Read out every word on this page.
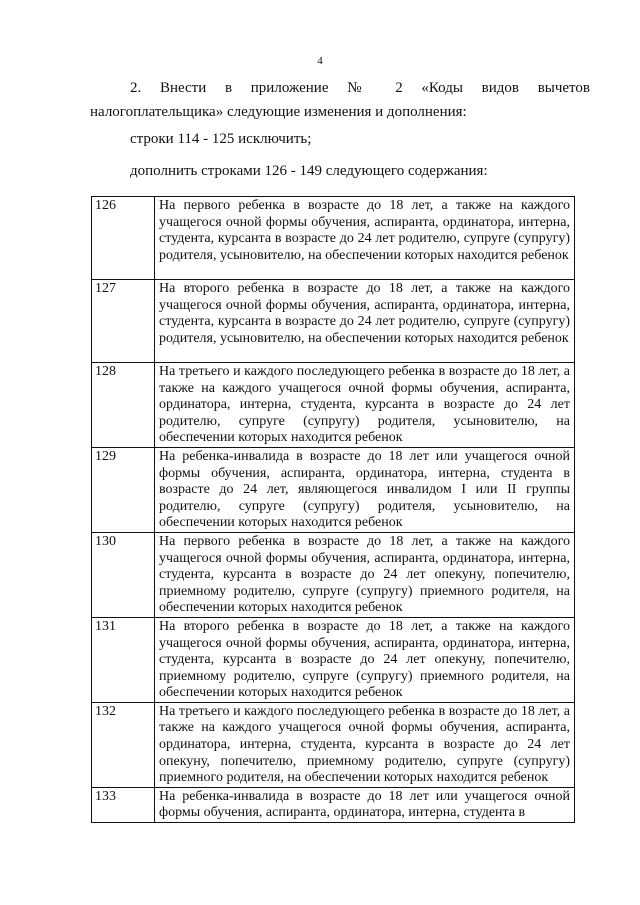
4
2. Внести в приложение № 2 «Коды видов вычетов налогоплательщика» следующие изменения и дополнения:
строки 114 - 125 исключить;
дополнить строками 126 - 149 следующего содержания:
126	На первого ребенка в возрасте до 18 лет, а также на каждого учащегося очной формы обучения, аспиранта, ординатора, интерна, студента, курсанта в возрасте до 24 лет родителю, супруге (супругу) родителя, усыновителю, на обеспечении которых находится ребенок

127	На второго ребенка в возрасте до 18 лет, а также на каждого учащегося очной формы обучения, аспиранта, ординатора, интерна, студента, курсанта в возрасте до 24 лет родителю, супруге (супругу) родителя, усыновителю, на обеспечении которых находится ребенок

128	На третьего и каждого последующего ребенка в возрасте до 18 лет, а также на каждого учащегося очной формы обучения, аспиранта, ординатора, интерна, студента, курсанта в возрасте до 24 лет родителю, супруге (супругу) родителя, усыновителю, на обеспечении которых находится ребенок

129	На ребенка-инвалида в возрасте до 18 лет или учащегося очной формы обучения, аспиранта, ординатора, интерна, студента в возрасте до 24 лет, являющегося инвалидом I или II группы родителю, супруге (супругу) родителя, усыновителю, на обеспечении которых находится ребенок

130	На первого ребенка в возрасте до 18 лет, а также на каждого учащегося очной формы обучения, аспиранта, ординатора, интерна, студента, курсанта в возрасте до 24 лет опекуну, попечителю, приемному родителю, супруге (супругу) приемного родителя, на обеспечении которых находится ребенок

131	На второго ребенка в возрасте до 18 лет, а также на каждого учащегося очной формы обучения, аспиранта, ординатора, интерна, студента, курсанта в возрасте до 24 лет опекуну, попечителю, приемному родителю, супруге (супругу) приемного родителя, на обеспечении которых находится ребенок

132	На третьего и каждого последующего ребенка в возрасте до 18 лет, а также на каждого учащегося очной формы обучения, аспиранта, ординатора, интерна, студента, курсанта в возрасте до 24 лет опекуну, попечителю, приемному родителю, супруге (супругу) приемного родителя, на обеспечении которых находится ребенок

133	На ребенка-инвалида в возрасте до 18 лет или учащегося очной формы обучения, аспиранта, ординатора, интерна, студента в
